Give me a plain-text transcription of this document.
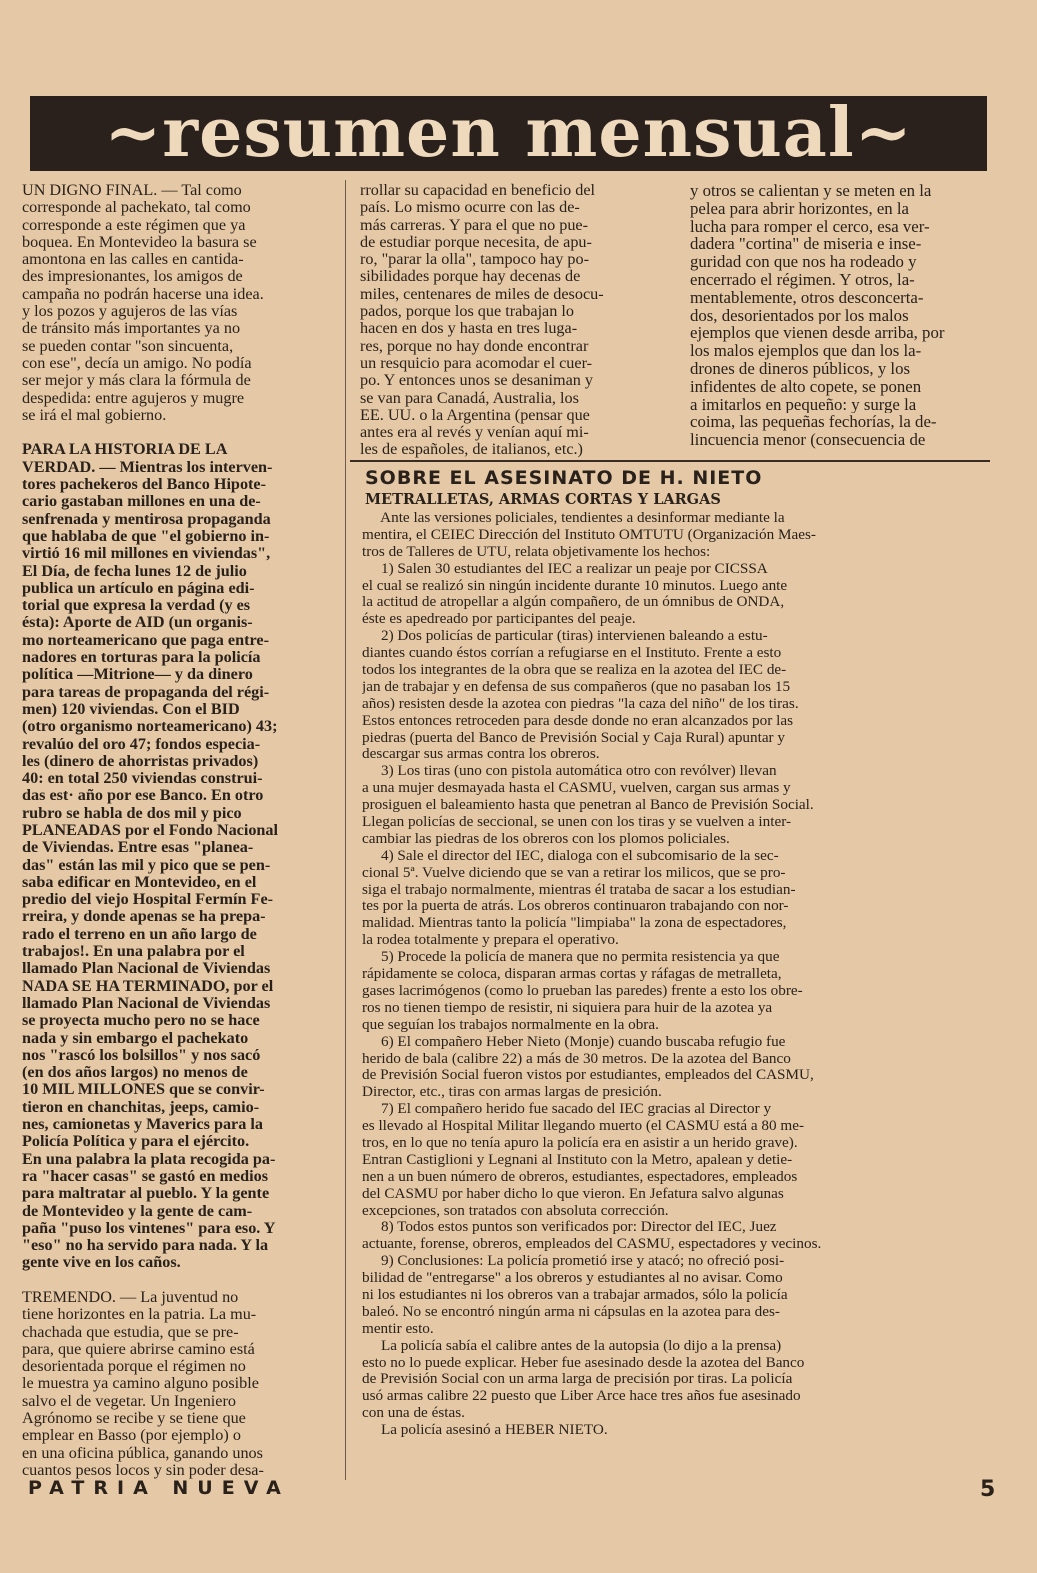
~resumen mensual~
UN DIGNO FINAL. — Tal como
corresponde al pachekato, tal como
corresponde a este régimen que ya
boquea. En Montevideo la basura se
amontona en las calles en cantida-
des impresionantes, los amigos de
campaña no podrán hacerse una idea.
y los pozos y agujeros de las vías
de tránsito más importantes ya no
se pueden contar "son sincuenta,
con ese", decía un amigo. No podía
ser mejor y más clara la fórmula de
despedida: entre agujeros y mugre
se irá el mal gobierno.
PARA LA HISTORIA DE LA
VERDAD. — Mientras los interven-
tores pachekeros del Banco Hipote-
cario gastaban millones en una de-
senfrenada y mentirosa propaganda
que hablaba de que "el gobierno in-
virtió 16 mil millones en viviendas",
El Día, de fecha lunes 12 de julio
publica un artículo en página edi-
torial que expresa la verdad (y es
ésta): Aporte de AID (un organis-
mo norteamericano que paga entre-
nadores en torturas para la policía
política —Mitrione— y da dinero
para tareas de propaganda del régi-
men) 120 viviendas. Con el BID
(otro organismo norteamericano) 43;
revalúo del oro 47; fondos especia-
les (dinero de ahorristas privados)
40: en total 250 viviendas construi-
das est· año por ese Banco. En otro
rubro se habla de dos mil y pico
PLANEADAS por el Fondo Nacional
de Viviendas. Entre esas "planea-
das" están las mil y pico que se pen-
saba edificar en Montevideo, en el
predio del viejo Hospital Fermín Fe-
rreira, y donde apenas se ha prepa-
rado el terreno en un año largo de
trabajos!. En una palabra por el
llamado Plan Nacional de Viviendas
NADA SE HA TERMINADO, por el
llamado Plan Nacional de Viviendas
se proyecta mucho pero no se hace
nada y sin embargo el pachekato
nos "rascó los bolsillos" y nos sacó
(en dos años largos) no menos de
10 MIL MILLONES que se convir-
tieron en chanchitas, jeeps, camio-
nes, camionetas y Maverics para la
Policía Política y para el ejército.
En una palabra la plata recogida pa-
ra "hacer casas" se gastó en medios
para maltratar al pueblo. Y la gente
de Montevideo y la gente de cam-
paña "puso los vintenes" para eso. Y
"eso" no ha servido para nada. Y la
gente vive en los caños.
TREMENDO. — La juventud no
tiene horizontes en la patria. La mu-
chachada que estudia, que se pre-
para, que quiere abrirse camino está
desorientada porque el régimen no
le muestra ya camino alguno posible
salvo el de vegetar. Un Ingeniero
Agrónomo se recibe y se tiene que
emplear en Basso (por ejemplo) o
en una oficina pública, ganando unos
cuantos pesos locos y sin poder desa-
rrollar su capacidad en beneficio del
país. Lo mismo ocurre con las de-
más carreras. Y para el que no pue-
de estudiar porque necesita, de apu-
ro, "parar la olla", tampoco hay po-
sibilidades porque hay decenas de
miles, centenares de miles de desocu-
pados, porque los que trabajan lo
hacen en dos y hasta en tres luga-
res, porque no hay donde encontrar
un resquicio para acomodar el cuer-
po. Y entonces unos se desaniman y
se van para Canadá, Australia, los
EE. UU. o la Argentina (pensar que
antes era al revés y venían aquí mi-
les de españoles, de italianos, etc.)
y otros se calientan y se meten en la
pelea para abrir horizontes, en la
lucha para romper el cerco, esa ver-
dadera "cortina" de miseria e inse-
guridad con que nos ha rodeado y
encerrado el régimen. Y otros, la-
mentablemente, otros desconcerta-
dos, desorientados por los malos
ejemplos que vienen desde arriba, por
los malos ejemplos que dan los la-
drones de dineros públicos, y los
infidentes de alto copete, se ponen
a imitarlos en pequeño: y surge la
coima, las pequeñas fechorías, la de-
lincuencia menor (consecuencia de
SOBRE EL ASESINATO DE H. NIETO
METRALLETAS, ARMAS CORTAS Y LARGAS
Ante las versiones policiales, tendientes a desinformar mediante la
mentira, el CEIEC Dirección del Instituto OMTUTU (Organización Maes-
tros de Talleres de UTU, relata objetivamente los hechos:
1) Salen 30 estudiantes del IEC a realizar un peaje por CICSSA
el cual se realizó sin ningún incidente durante 10 minutos. Luego ante
la actitud de atropellar a algún compañero, de un ómnibus de ONDA,
éste es apedreado por participantes del peaje.
2) Dos policías de particular (tiras) intervienen baleando a estu-
diantes cuando éstos corrían a refugiarse en el Instituto. Frente a esto
todos los integrantes de la obra que se realiza en la azotea del IEC de-
jan de trabajar y en defensa de sus compañeros (que no pasaban los 15
años) resisten desde la azotea con piedras "la caza del niño" de los tiras.
Estos entonces retroceden para desde donde no eran alcanzados por las
piedras (puerta del Banco de Previsión Social y Caja Rural) apuntar y
descargar sus armas contra los obreros.
3) Los tiras (uno con pistola automática otro con revólver) llevan
a una mujer desmayada hasta el CASMU, vuelven, cargan sus armas y
prosiguen el baleamiento hasta que penetran al Banco de Previsión Social.
Llegan policías de seccional, se unen con los tiras y se vuelven a inter-
cambiar las piedras de los obreros con los plomos policiales.
4) Sale el director del IEC, dialoga con el subcomisario de la sec-
cional 5ª. Vuelve diciendo que se van a retirar los milicos, que se pro-
siga el trabajo normalmente, mientras él trataba de sacar a los estudian-
tes por la puerta de atrás. Los obreros continuaron trabajando con nor-
malidad. Mientras tanto la policía "limpiaba" la zona de espectadores,
la rodea totalmente y prepara el operativo.
5) Procede la policía de manera que no permita resistencia ya que
rápidamente se coloca, disparan armas cortas y ráfagas de metralleta,
gases lacrimógenos (como lo prueban las paredes) frente a esto los obre-
ros no tienen tiempo de resistir, ni siquiera para huir de la azotea ya
que seguían los trabajos normalmente en la obra.
6) El compañero Heber Nieto (Monje) cuando buscaba refugio fue
herido de bala (calibre 22) a más de 30 metros. De la azotea del Banco
de Previsión Social fueron vistos por estudiantes, empleados del CASMU,
Director, etc., tiras con armas largas de presición.
7) El compañero herido fue sacado del IEC gracias al Director y
es llevado al Hospital Militar llegando muerto (el CASMU está a 80 me-
tros, en lo que no tenía apuro la policía era en asistir a un herido grave).
Entran Castiglioni y Legnani al Instituto con la Metro, apalean y detie-
nen a un buen número de obreros, estudiantes, espectadores, empleados
del CASMU por haber dicho lo que vieron. En Jefatura salvo algunas
excepciones, son tratados con absoluta corrección.
8) Todos estos puntos son verificados por: Director del IEC, Juez
actuante, forense, obreros, empleados del CASMU, espectadores y vecinos.
9) Conclusiones: La policía prometió irse y atacó; no ofreció posi-
bilidad de "entregarse" a los obreros y estudiantes al no avisar. Como
ni los estudiantes ni los obreros van a trabajar armados, sólo la policía
baleó. No se encontró ningún arma ni cápsulas en la azotea para des-
mentir esto.
La policía sabía el calibre antes de la autopsia (lo dijo a la prensa)
esto no lo puede explicar. Heber fue asesinado desde la azotea del Banco
de Previsión Social con un arma larga de precisión por tiras. La policía
usó armas calibre 22 puesto que Liber Arce hace tres años fue asesinado
con una de éstas.
La policía asesinó a HEBER NIETO.
PATRIA NUEVA	5
